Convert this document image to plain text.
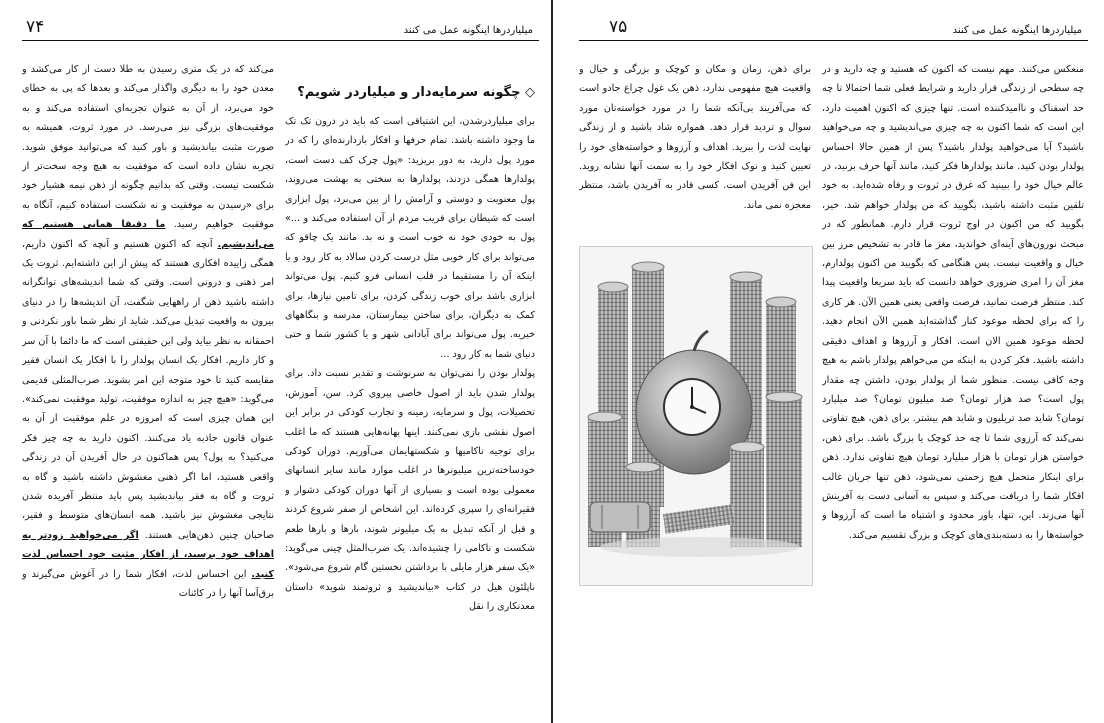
۷۴	میلیاردرها اینگونه عمل می کنند

◇ چگونه سرمایه‌دار و میلیاردر شویم؟

برای میلیاردرشدن، این اشتیاقی است که باید در درون تک تک ما وجود داشته باشد. تمام حرفها و افکار بازدارنده‌ای را که در مورد پول دارید، به دور بریزید: «پول چرک کف دست است، پولدارها همگی دزدند، پولدارها به سختی به بهشت می‌روند، پول معنویت و دوستی و آرامش را از بین می‌برد، پول ابزاری است که شیطان برای فریب مردم از آن استفاده می‌کند و ...» پول به خودی خود نه خوب است و نه بد. مانند یک چاقو که می‌تواند برای کار خوبی مثل درست کردن سالاد به کار رود و یا اینکه آن را مستقیما در قلب انسانی فرو کنیم. پول می‌تواند ابزاری باشد برای خوب زندگی کردن، برای تامین نیازها، برای کمک به دیگران، برای ساختن بیمارستان، مدرسه و بنگاههای خیریه. پول می‌تواند برای آبادانی شهر و یا کشور شما و حتی دنیای شما به کار رود ...

پولدار بودن را نمی‌توان به سرنوشت و تقدیر نسبت داد. برای پولدار شدن باید از اصول خاصی پیروی کرد. سن، آموزش، تحصیلات، پول و سرمایه، زمینه و تجارب کودکی در برابر این اصول نقشی بازی نمی‌کنند. اینها بهانه‌هایی هستند که ما اغلب برای توجیه ناکامیها و شکستهایمان می‌آوریم. دوران کودکی خودساخته‌ترین میلیونرها در اغلب موارد مانند سایر انسانهای معمولی بوده است و بسیاری از آنها دوران کودکی دشوار و فقیرانه‌ای را سپری کرده‌اند. این اشخاص از صفر شروع کردند و قبل از آنکه تبدیل به یک میلیونر شوند، بارها و بارها طعم شکست و ناکامی را چشیده‌اند. یک ضرب‌المثل چینی می‌گوید: «یک سفر هزار مایلی با برداشتن نخستین گام شروع می‌شود». ناپلئون هیل در کتاب «بیاندیشید و ثروتمند شوید» داستان معدنکاری را نقل

می‌کند که در یک متری رسیدن به طلا دست از کار می‌کشد و معدن خود را به دیگری واگذار می‌کند و بعدها که پی به خطای خود می‌برد، از آن به عنوان تجربه‌ای استفاده می‌کند و به موفقیت‌های بزرگی نیز می‌رسد. در مورد ثروت، همیشه به صورت مثبت بیاندیشید و باور کنید که می‌توانید موفق شوید. تجربه نشان داده است که موفقیت به هیچ وجه سخت‌تر از شکست نیست. وقتی که بدانیم چگونه از ذهن نیمه هشیار خود برای «رسیدن به موفقیت و نه شکست استفاده کنیم، آنگاه به موفقیت خواهیم رسید. ما دقیقا همانی هستیم که می‌اندیشیم. آنچه که اکنون هستیم و آنچه که اکنون داریم، همگی زاییده افکاری هستند که پیش از این داشته‌ایم. ثروت یک امر ذهنی و درونی است. وقتی که شما اندیشه‌های توانگرانه داشته باشید ذهن از راههایی شگفت، آن اندیشه‌ها را در دنیای بیرون به واقعیت تبدیل می‌کند. شاید از نظر شما باور نکردنی و احمقانه به نظر بیاید ولی این حقیقتی است که ما دائما با آن سر و کار داریم. افکار یک انسان پولدار را با افکار یک انسان فقیر مقایسه کنید تا خود متوجه این امر بشوید. ضرب‌المثلی قدیمی می‌گوید: «هیچ چیز به اندازه موفقیت، تولید موفقیت نمی‌کند». این همان چیزی است که امروزه در علم موفقیت از آن به عنوان قانون جاذبه یاد می‌کنند. اکنون دارید به چه چیز فکر می‌کنید؟ به پول؟ پس هماکنون در حال آفریدن آن در زندگی واقعی هستید، اما اگر ذهنی مغشوش داشته باشید و گاه به ثروت و گاه به فقر بیاندیشید پس باید منتظر آفریده شدن نتایجی مغشوش نیز باشید. همه انسان‌های متوسط و فقیر، صاحبان چنین ذهن‌هایی هستند. اگر می‌خواهید زودتر به اهداف خود برسید، از افکار مثبت خود احساس لذت کنید. این احساس لذت، افکار شما را در آغوش می‌گیرند و برق‌آسا آنها را در کائنات

۷۵	میلیاردرها اینگونه عمل می کنند

منعکس می‌کنند. مهم نیست که اکنون که هستید و چه دارید و در چه سطحی از زندگی قرار دارید و شرایط فعلی شما احتمالا تا چه حد اسفناک و ناامیدکننده است. تنها چیزی که اکنون اهمیت دارد، این است که شما اکنون به چه چیزی می‌اندیشید و چه می‌خواهید باشید؟ آیا می‌خواهید پولدار باشید؟ پس از همین حالا احساس پولدار بودن کنید. مانند پولدارها فکر کنید، مانند آنها حرف بزنید، در عالم خیال خود را ببینید که غرق در ثروت و رفاه شده‌اید. به خود تلقین مثبت داشته باشید، بگویید که من پولدار خواهم شد. خیر، بگویید که من اکنون در اوج ثروت قرار دارم. همانطور که در مبحث نورون‌های آینه‌ای خواندید، مغز ما قادر به تشخیص مرز بین خیال و واقعیت نیست. پس هنگامی که بگویید من اکنون پولدارم، مغز آن را امری ضروری خواهد دانست که باید سریعا واقعیت پیدا کند. منتظر فرصت نمانید، فرصت واقعی یعنی همین الآن. هر کاری را که برای لحظه موعود کنار گذاشته‌اید همین الآن انجام دهید. لحظه موعود همین الان است. افکار و آرزوها و اهداف دقیقی داشته باشید. فکر کردن به اینکه من می‌خواهم پولدار باشم به هیچ وجه کافی نیست. منظور شما از پولدار بودن، داشتن چه مقدار پول است؟ صد هزار تومان؟ صد میلیون تومان؟ صد میلیارد تومان؟ شاید صد تریلیون و شاید هم بیشتر. برای ذهن، هیچ تفاوتی نمی‌کند که آرزوی شما تا چه حد کوچک یا بزرگ باشد. برای ذهن، خواستن هزار تومان با هزار میلیارد تومان هیچ تفاوتی ندارد. ذهن برای اینکار متحمل هیچ زحمتی نمی‌شود، ذهن تنها جریان غالب افکار شما را دریافت می‌کند و سپس به آسانی دست به آفرینش آنها می‌زند. این، تنها، باور محدود و اشتباه ما است که آرزوها و خواسته‌ها را به دسته‌بندی‌های کوچک و بزرگ تقسیم می‌کند.

برای ذهن، زمان و مکان و کوچک و بزرگی و خیال و واقعیت هیچ مفهومی ندارد، ذهن یک غول چراغ جادو است که می‌آفریند بی‌آنکه شما را در مورد خواسته‌تان مورد سوال و تردید قرار دهد. همواره شاد باشید و از زندگی نهایت لذت را ببرید. اهداف و آرزوها و خواسته‌های خود را تعیین کنید و نوک افکار خود را به سمت آنها نشانه روید. این فن آفریدن است. کسی قادر به آفریدن باشد، منتظر معجزه نمی ماند.
